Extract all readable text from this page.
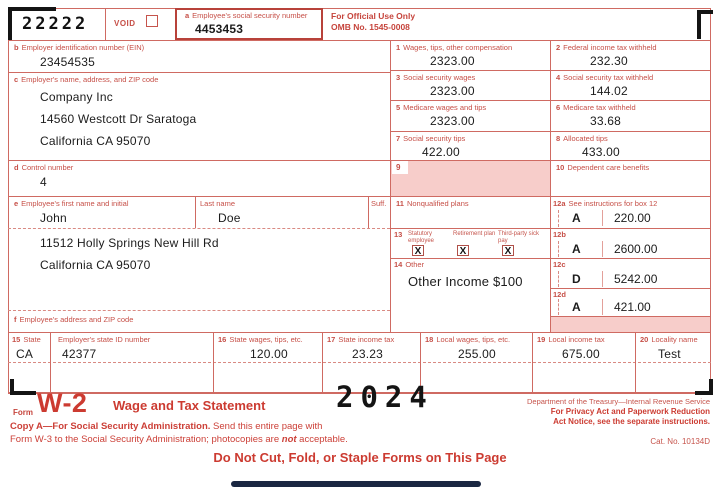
22222	VOID
a Employee's social security number
4453453
For Official Use Only
OMB No. 1545-0008
b Employer identification number (EIN)
23454535
c Employer's name, address, and ZIP code
Company Inc
14560 Westcott Dr Saratoga
California CA 95070
d Control number
4
e Employee's first name and initial
John
Last name
Doe
Suff.
11512 Holly Springs New Hill Rd
California CA 95070
f Employee's address and ZIP code
1 Wages, tips, other compensation
2323.00
2 Federal income tax withheld
232.30
3 Social security wages
2323.00
4 Social security tax withheld
144.02
5 Medicare wages and tips
2323.00
6 Medicare tax withheld
33.68
7 Social security tips
422.00
8 Allocated tips
433.00
9	10 Dependent care benefits
11 Nonqualified plans	12a See instructions for box 12
A	220.00
13 Statutory employee
X
Retirement plan
X
Third-party sick pay
X
12b
A	2600.00
14 Other
Other Income $100
12c
D	5242.00
12d
A	421.00
15 State
CA
Employer's state ID number
42377
16 State wages, tips, etc.
120.00
17 State income tax
23.23
18 Local wages, tips, etc.
255.00
19 Local income tax
675.00
20 Locality name
Test
Form W-2 Wage and Tax Statement 2024	Department of the Treasury—Internal Revenue Service
For Privacy Act and Paperwork Reduction
Act Notice, see the separate instructions.
Cat. No. 10134D
Copy A—For Social Security Administration. Send this entire page with
Form W-3 to the Social Security Administration; photocopies are not acceptable.
Do Not Cut, Fold, or Staple Forms on This Page
